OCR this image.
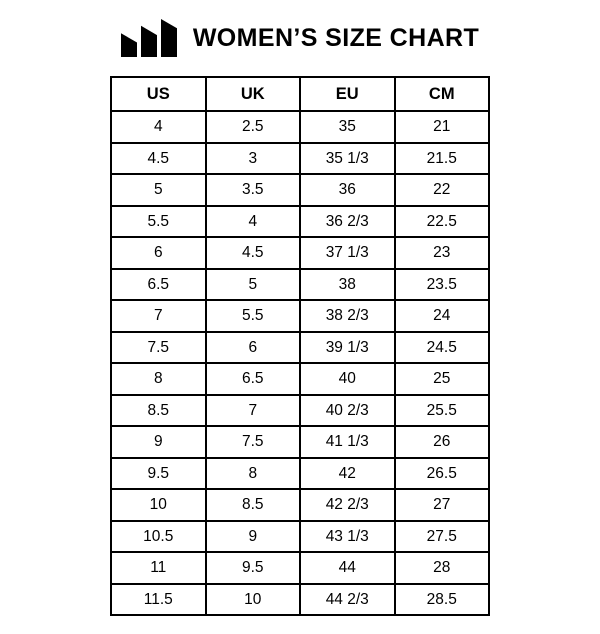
WOMEN’S SIZE CHART
US	UK	EU	CM
4	2.5	35	21
4.5	3	35 1/3	21.5
5	3.5	36	22
5.5	4	36 2/3	22.5
6	4.5	37 1/3	23
6.5	5	38	23.5
7	5.5	38 2/3	24
7.5	6	39 1/3	24.5
8	6.5	40	25
8.5	7	40 2/3	25.5
9	7.5	41 1/3	26
9.5	8	42	26.5
10	8.5	42 2/3	27
10.5	9	43 1/3	27.5
11	9.5	44	28
11.5	10	44 2/3	28.5
